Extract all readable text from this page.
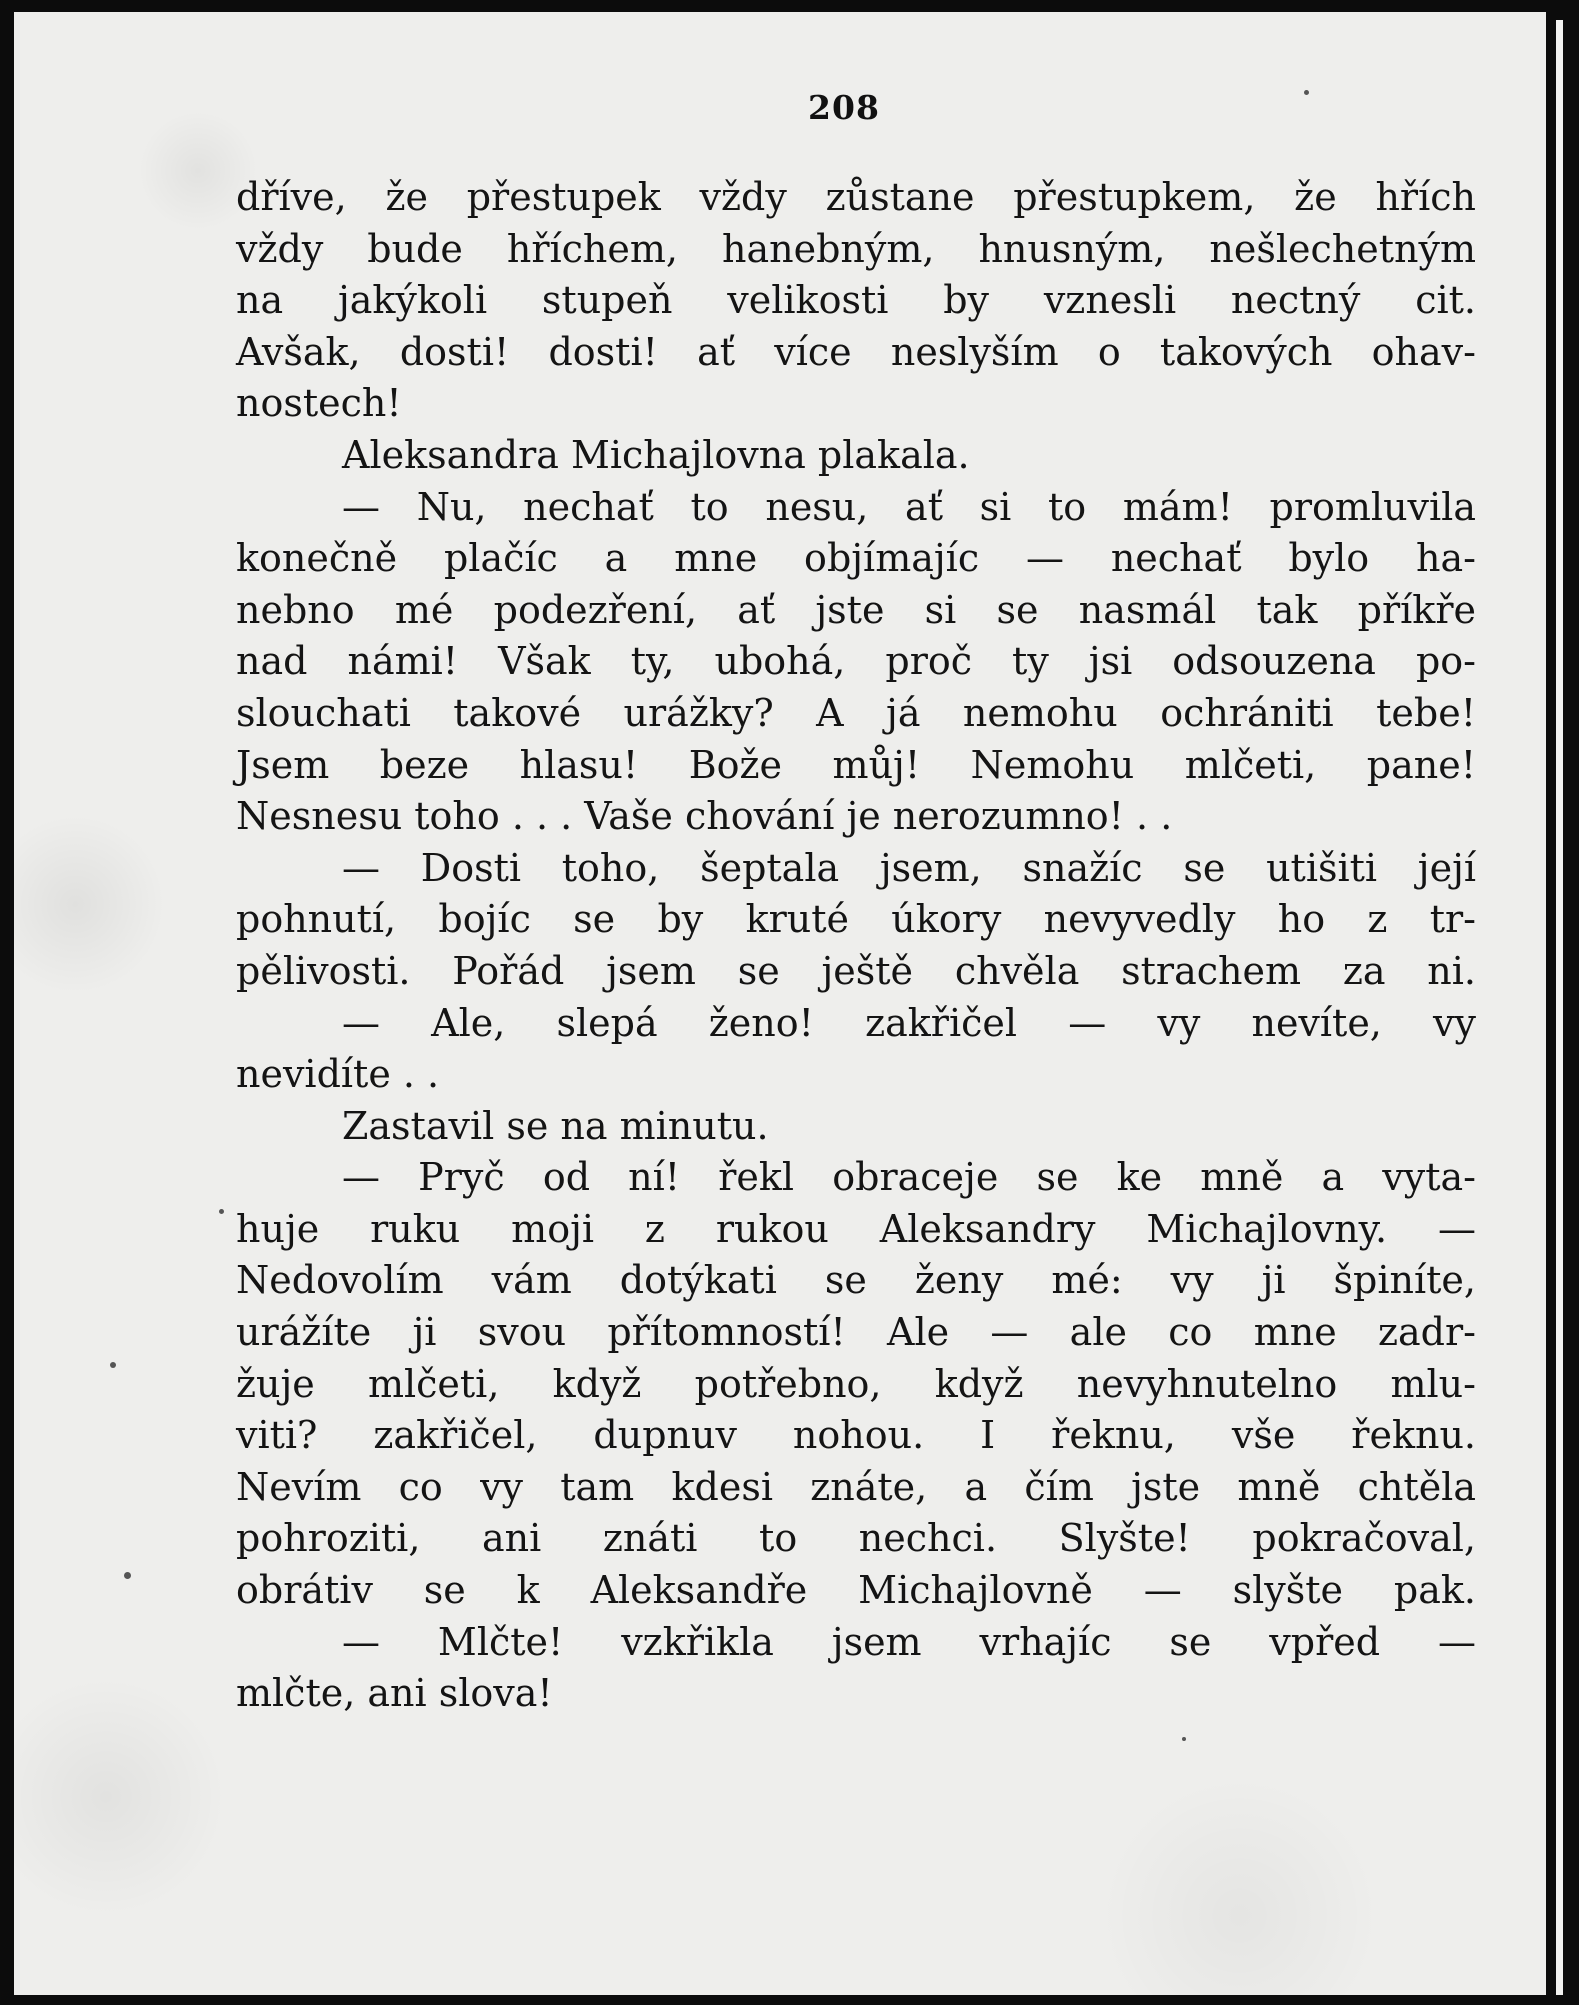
208
dříve, že přestupek vždy zůstane přestupkem, že hřích
vždy bude hříchem, hanebným, hnusným, nešlechetným
na jakýkoli stupeň velikosti by vznesli nectný cit.
Avšak, dosti! dosti! ať více neslyším o takových ohav-
nostech!
Aleksandra Michajlovna plakala.
— Nu, nechať to nesu, ať si to mám! promluvila
konečně plačíc a mne objímajíc — nechať bylo ha-
nebno mé podezření, ať jste si se nasmál tak příkře
nad námi! Však ty, ubohá, proč ty jsi odsouzena po-
slouchati takové urážky? A já nemohu ochrániti tebe!
Jsem beze hlasu! Bože můj! Nemohu mlčeti, pane!
Nesnesu toho . . . Vaše chování je nerozumno! . .
— Dosti toho, šeptala jsem, snažíc se utišiti její
pohnutí, bojíc se by kruté úkory nevyvedly ho z tr-
pělivosti. Pořád jsem se ještě chvěla strachem za ni.
— Ale, slepá ženo! zakřičel — vy nevíte, vy
nevidíte . .
Zastavil se na minutu.
— Pryč od ní! řekl obraceje se ke mně a vyta-
huje ruku moji z rukou Aleksandry Michajlovny. —
Nedovolím vám dotýkati se ženy mé: vy ji špiníte,
urážíte ji svou přítomností! Ale — ale co mne zadr-
žuje mlčeti, když potřebno, když nevyhnutelno mlu-
viti? zakřičel, dupnuv nohou. I řeknu, vše řeknu.
Nevím co vy tam kdesi znáte, a čím jste mně chtěla
pohroziti, ani znáti to nechci. Slyšte! pokračoval,
obrátiv se k Aleksandře Michajlovně — slyšte pak.
— Mlčte! vzkřikla jsem vrhajíc se vpřed —
mlčte, ani slova!
